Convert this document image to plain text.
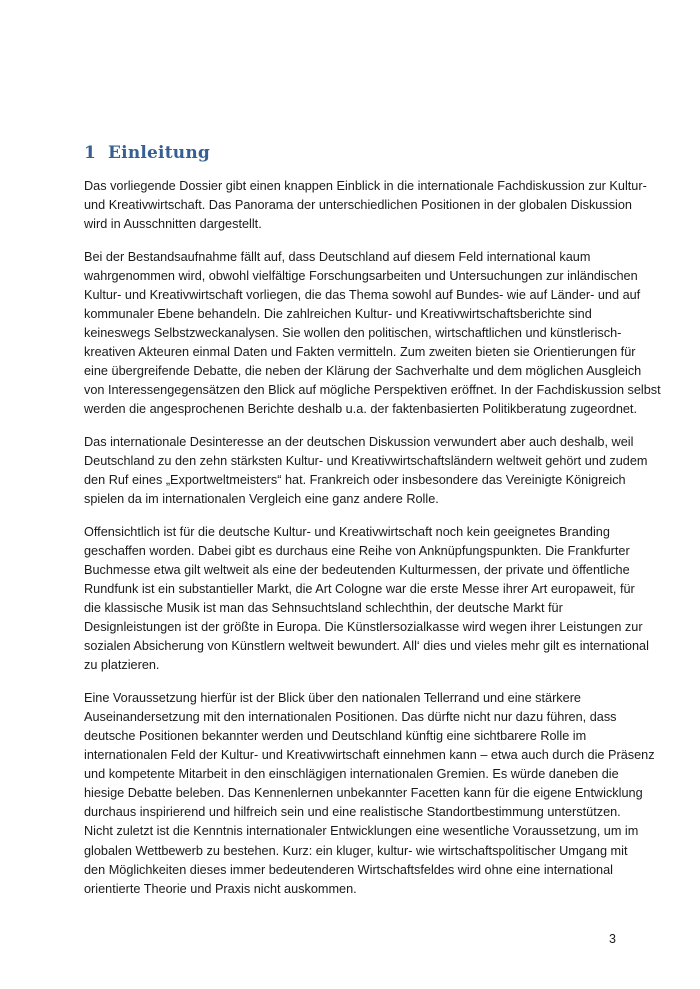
1 Einleitung

Das vorliegende Dossier gibt einen knappen Einblick in die internationale Fachdiskussion zur Kultur-
und Kreativwirtschaft. Das Panorama der unterschiedlichen Positionen in der globalen Diskussion
wird in Ausschnitten dargestellt.

Bei der Bestandsaufnahme fällt auf, dass Deutschland auf diesem Feld international kaum
wahrgenommen wird, obwohl vielfältige Forschungsarbeiten und Untersuchungen zur inländischen
Kultur- und Kreativwirtschaft vorliegen, die das Thema sowohl auf Bundes- wie auf Länder- und auf
kommunaler Ebene behandeln. Die zahlreichen Kultur- und Kreativwirtschaftsberichte sind
keineswegs Selbstzweckanalysen. Sie wollen den politischen, wirtschaftlichen und künstlerisch-
kreativen Akteuren einmal Daten und Fakten vermitteln. Zum zweiten bieten sie Orientierungen für
eine übergreifende Debatte, die neben der Klärung der Sachverhalte und dem möglichen Ausgleich
von Interessengegensätzen den Blick auf mögliche Perspektiven eröffnet. In der Fachdiskussion selbst
werden die angesprochenen Berichte deshalb u.a. der faktenbasierten Politikberatung zugeordnet.

Das internationale Desinteresse an der deutschen Diskussion verwundert aber auch deshalb, weil
Deutschland zu den zehn stärksten Kultur- und Kreativwirtschaftsländern weltweit gehört und zudem
den Ruf eines „Exportweltmeisters“ hat. Frankreich oder insbesondere das Vereinigte Königreich
spielen da im internationalen Vergleich eine ganz andere Rolle.

Offensichtlich ist für die deutsche Kultur- und Kreativwirtschaft noch kein geeignetes Branding
geschaffen worden. Dabei gibt es durchaus eine Reihe von Anknüpfungspunkten. Die Frankfurter
Buchmesse etwa gilt weltweit als eine der bedeutenden Kulturmessen, der private und öffentliche
Rundfunk ist ein substantieller Markt, die Art Cologne war die erste Messe ihrer Art europaweit, für
die klassische Musik ist man das Sehnsuchtsland schlechthin, der deutsche Markt für
Designleistungen ist der größte in Europa. Die Künstlersozialkasse wird wegen ihrer Leistungen zur
sozialen Absicherung von Künstlern weltweit bewundert. All‘ dies und vieles mehr gilt es international
zu platzieren.

Eine Voraussetzung hierfür ist der Blick über den nationalen Tellerrand und eine stärkere
Auseinandersetzung mit den internationalen Positionen. Das dürfte nicht nur dazu führen, dass
deutsche Positionen bekannter werden und Deutschland künftig eine sichtbarere Rolle im
internationalen Feld der Kultur- und Kreativwirtschaft einnehmen kann – etwa auch durch die Präsenz
und kompetente Mitarbeit in den einschlägigen internationalen Gremien. Es würde daneben die
hiesige Debatte beleben. Das Kennenlernen unbekannter Facetten kann für die eigene Entwicklung
durchaus inspirierend und hilfreich sein und eine realistische Standortbestimmung unterstützen.
Nicht zuletzt ist die Kenntnis internationaler Entwicklungen eine wesentliche Voraussetzung, um im
globalen Wettbewerb zu bestehen. Kurz: ein kluger, kultur- wie wirtschaftspolitischer Umgang mit
den Möglichkeiten dieses immer bedeutenderen Wirtschaftsfeldes wird ohne eine international
orientierte Theorie und Praxis nicht auskommen.

3
